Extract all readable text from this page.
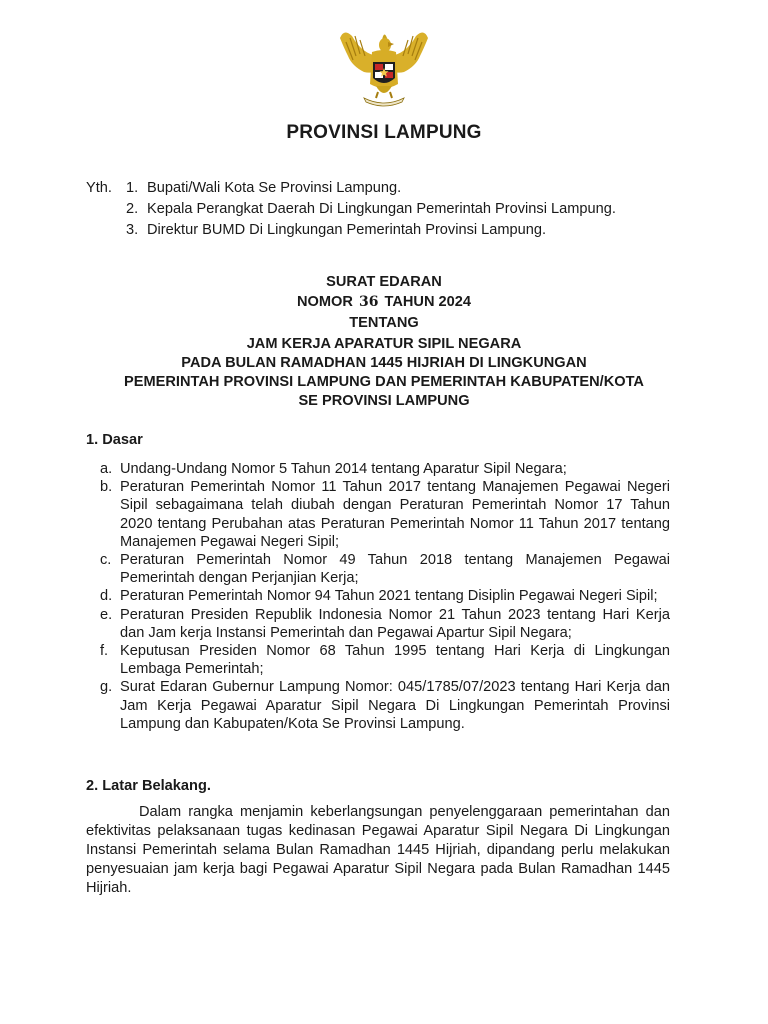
PROVINSI LAMPUNG
Yth. 1. Bupati/Wali Kota Se Provinsi Lampung.
2. Kepala Perangkat Daerah Di Lingkungan Pemerintah Provinsi Lampung.
3. Direktur BUMD Di Lingkungan Pemerintah Provinsi Lampung.
SURAT EDARAN
NOMOR 36 TAHUN 2024
TENTANG
JAM KERJA APARATUR SIPIL NEGARA
PADA BULAN RAMADHAN 1445 HIJRIAH DI LINGKUNGAN
PEMERINTAH PROVINSI LAMPUNG DAN PEMERINTAH KABUPATEN/KOTA
SE PROVINSI LAMPUNG
1. Dasar
a. Undang-Undang Nomor 5 Tahun 2014 tentang Aparatur Sipil Negara;
b. Peraturan Pemerintah Nomor 11 Tahun 2017 tentang Manajemen Pegawai Negeri Sipil sebagaimana telah diubah dengan Peraturan Pemerintah Nomor 17 Tahun 2020 tentang Perubahan atas Peraturan Pemerintah Nomor 11 Tahun 2017 tentang Manajemen Pegawai Negeri Sipil;
c. Peraturan Pemerintah Nomor 49 Tahun 2018 tentang Manajemen Pegawai Pemerintah dengan Perjanjian Kerja;
d. Peraturan Pemerintah Nomor 94 Tahun 2021 tentang Disiplin Pegawai Negeri Sipil;
e. Peraturan Presiden Republik Indonesia Nomor 21 Tahun 2023 tentang Hari Kerja dan Jam kerja Instansi Pemerintah dan Pegawai Apartur Sipil Negara;
f. Keputusan Presiden Nomor 68 Tahun 1995 tentang Hari Kerja di Lingkungan Lembaga Pemerintah;
g. Surat Edaran Gubernur Lampung Nomor: 045/1785/07/2023 tentang Hari Kerja dan Jam Kerja Pegawai Aparatur Sipil Negara Di Lingkungan Pemerintah Provinsi Lampung dan Kabupaten/Kota Se Provinsi Lampung.
2. Latar Belakang.
Dalam rangka menjamin keberlangsungan penyelenggaraan pemerintahan dan efektivitas pelaksanaan tugas kedinasan Pegawai Aparatur Sipil Negara Di Lingkungan Instansi Pemerintah selama Bulan Ramadhan 1445 Hijriah, dipandang perlu melakukan penyesuaian jam kerja bagi Pegawai Aparatur Sipil Negara pada Bulan Ramadhan 1445 Hijriah.
